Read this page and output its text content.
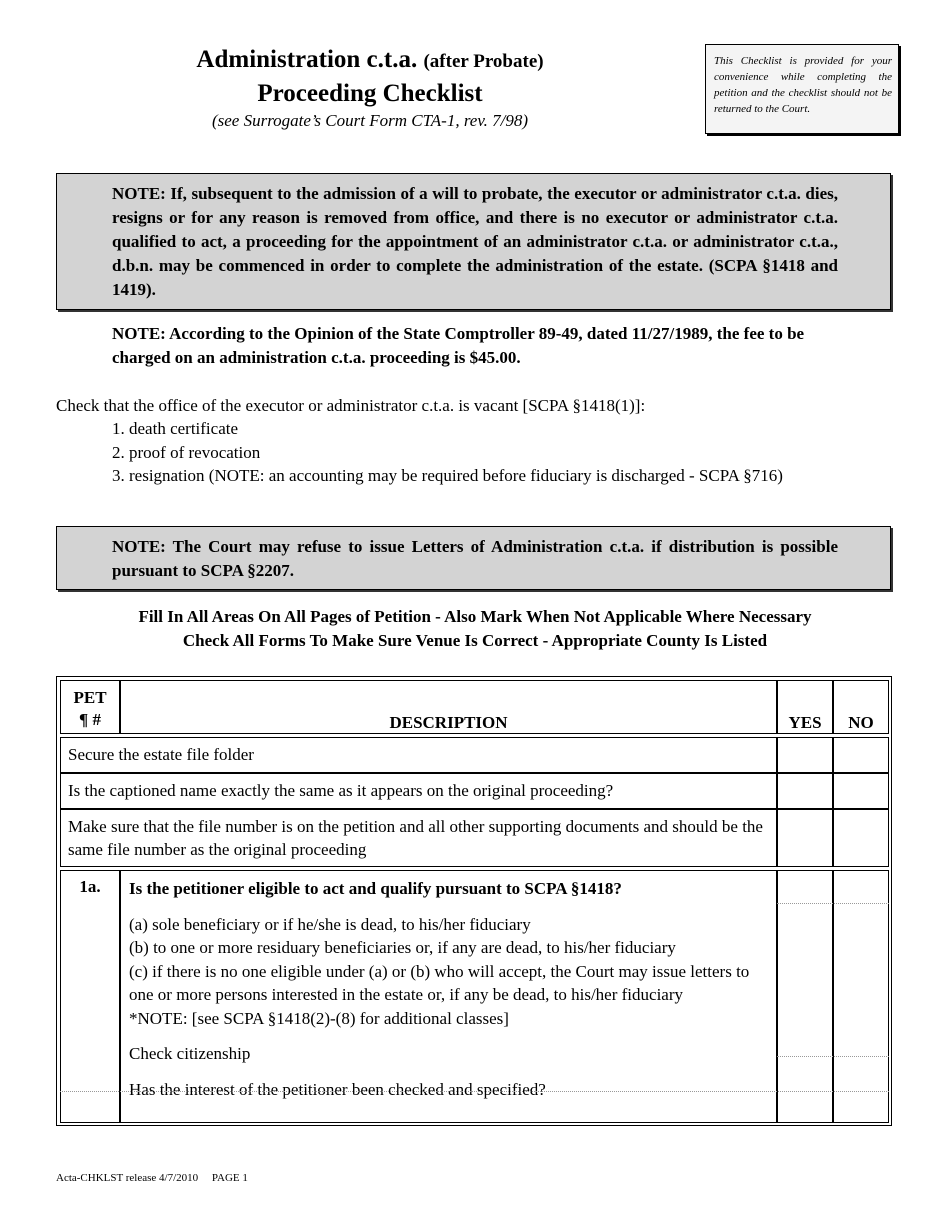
Administration c.t.a. (after Probate)
Proceeding Checklist
(see Surrogate’s Court Form CTA-1, rev. 7/98)
This Checklist is provided for your convenience while completing the petition and the checklist should not be returned to the Court.
NOTE: If, subsequent to the admission of a will to probate, the executor or administrator c.t.a. dies, resigns or for any reason is removed from office, and there is no executor or administrator c.t.a. qualified to act, a proceeding for the appointment of an administrator c.t.a. or administrator c.t.a., d.b.n. may be commenced in order to complete the administration of the estate. (SCPA §1418 and 1419).
NOTE: According to the Opinion of the State Comptroller 89-49, dated 11/27/1989, the fee to be charged on an administration c.t.a. proceeding is $45.00.
Check that the office of the executor or administrator c.t.a. is vacant [SCPA §1418(1)]:
1. death certificate
2. proof of revocation
3. resignation (NOTE: an accounting may be required before fiduciary is discharged - SCPA §716)
NOTE: The Court may refuse to issue Letters of Administration c.t.a. if distribution is possible pursuant to SCPA §2207.
Fill In All Areas On All Pages of Petition - Also Mark When Not Applicable Where Necessary
Check All Forms To Make Sure Venue Is Correct - Appropriate County Is Listed
PET
¶ #	DESCRIPTION	YES	NO
Secure the estate file folder
Is the captioned name exactly the same as it appears on the original proceeding?
Make sure that the file number is on the petition and all other supporting documents and should be the same file number as the original proceeding
1a.	Is the petitioner eligible to act and qualify pursuant to SCPA §1418?
(a) sole beneficiary or if he/she is dead, to his/her fiduciary
(b) to one or more residuary beneficiaries or, if any are dead, to his/her fiduciary
(c) if there is no one eligible under (a) or (b) who will accept, the Court may issue letters to one or more persons interested in the estate or, if any be dead, to his/her fiduciary
*NOTE: [see SCPA §1418(2)-(8) for additional classes]
Check citizenship
Has the interest of the petitioner been checked and specified?
Acta-CHKLST release 4/7/2010 PAGE 1
